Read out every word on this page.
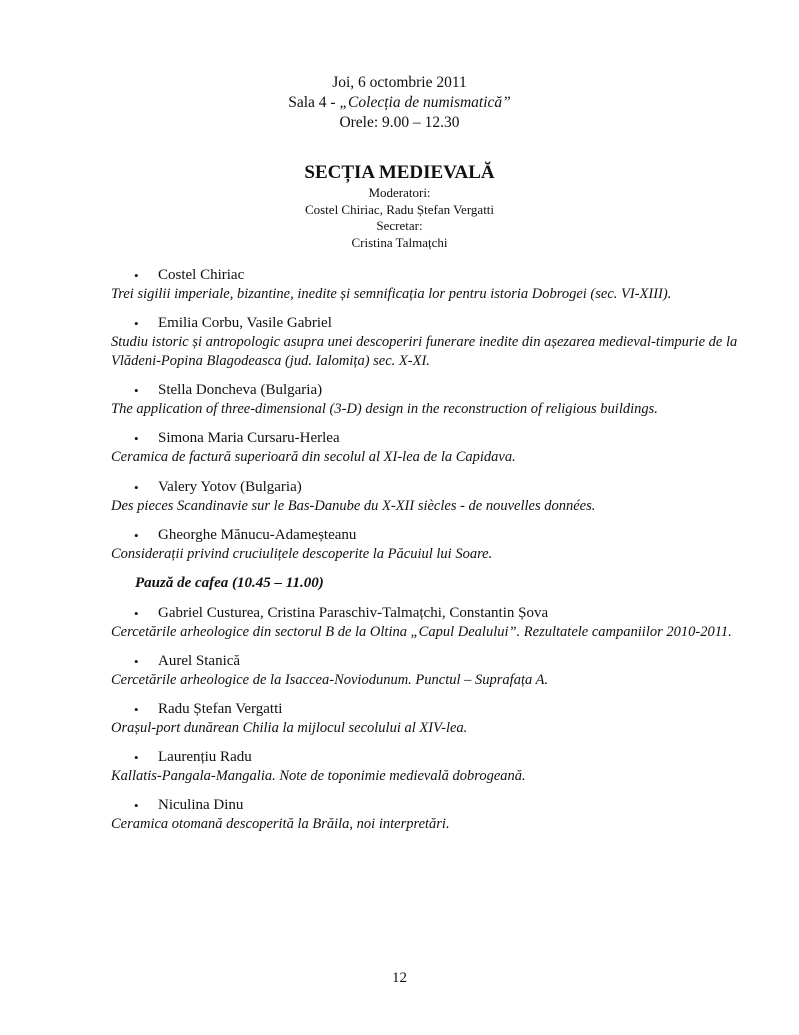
Joi, 6 octombrie 2011
Sala 4 - „Colecția de numismatică”
Orele: 9.00 – 12.30
SECȚIA MEDIEVALĂ
Moderatori:
Costel Chiriac, Radu Ștefan Vergatti
Secretar:
Cristina Talmațchi
• Costel Chiriac

Trei sigilii imperiale, bizantine, inedite și semnificația lor pentru istoria Dobrogei (sec. VI-XIII).

• Emilia Corbu, Vasile Gabriel

Studiu istoric și antropologic asupra unei descoperiri funerare inedite din așezarea medieval-timpurie de la Vlădeni-Popina Blagodeasca (jud. Ialomița) sec. X-XI.

• Stella Doncheva (Bulgaria)

The application of three-dimensional (3-D) design in the reconstruction of religious buildings.

• Simona Maria Cursaru-Herlea

Ceramica de factură superioară din secolul al XI-lea de la Capidava.

• Valery Yotov (Bulgaria)

Des pieces Scandinavie sur le Bas-Danube du X-XII siècles - de nouvelles données.

• Gheorghe Mănucu-Adameșteanu

Considerații privind cruciulițele descoperite la Păcuiul lui Soare.

Pauză de cafea (10.45 – 11.00)
• Gabriel Custurea, Cristina Paraschiv-Talmațchi, Constantin Șova

Cercetările arheologice din sectorul B de la Oltina „Capul Dealului”. Rezultatele campaniilor 2010-2011.

• Aurel Stanică

Cercetările arheologice de la Isaccea-Noviodunum. Punctul – Suprafața A.

• Radu Ștefan Vergatti

Orașul-port dunărean Chilia la mijlocul secolului al XIV-lea.

• Laurențiu Radu

Kallatis-Pangala-Mangalia. Note de toponimie medievală dobrogeană.

• Niculina Dinu

Ceramica otomană descoperită la Brăila, noi interpretări.

12
